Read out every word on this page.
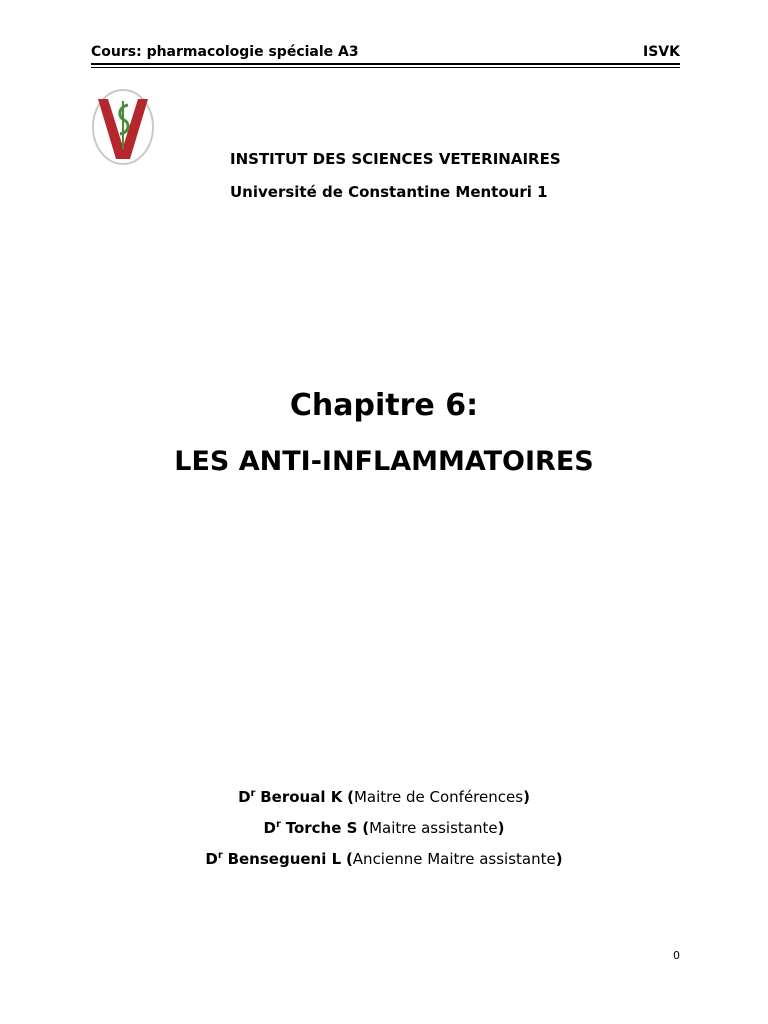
Cours: pharmacologie spéciale A3	ISVK
INSTITUT DES SCIENCES VETERINAIRES
Université de Constantine Mentouri 1
Chapitre 6:
LES ANTI-INFLAMMATOIRES
$D^r$ Beroual K (Maitre de Conférences)
$D^r$ Torche S (Maitre assistante)
$D^r$ Bensegueni L (Ancienne Maitre assistante)
0
